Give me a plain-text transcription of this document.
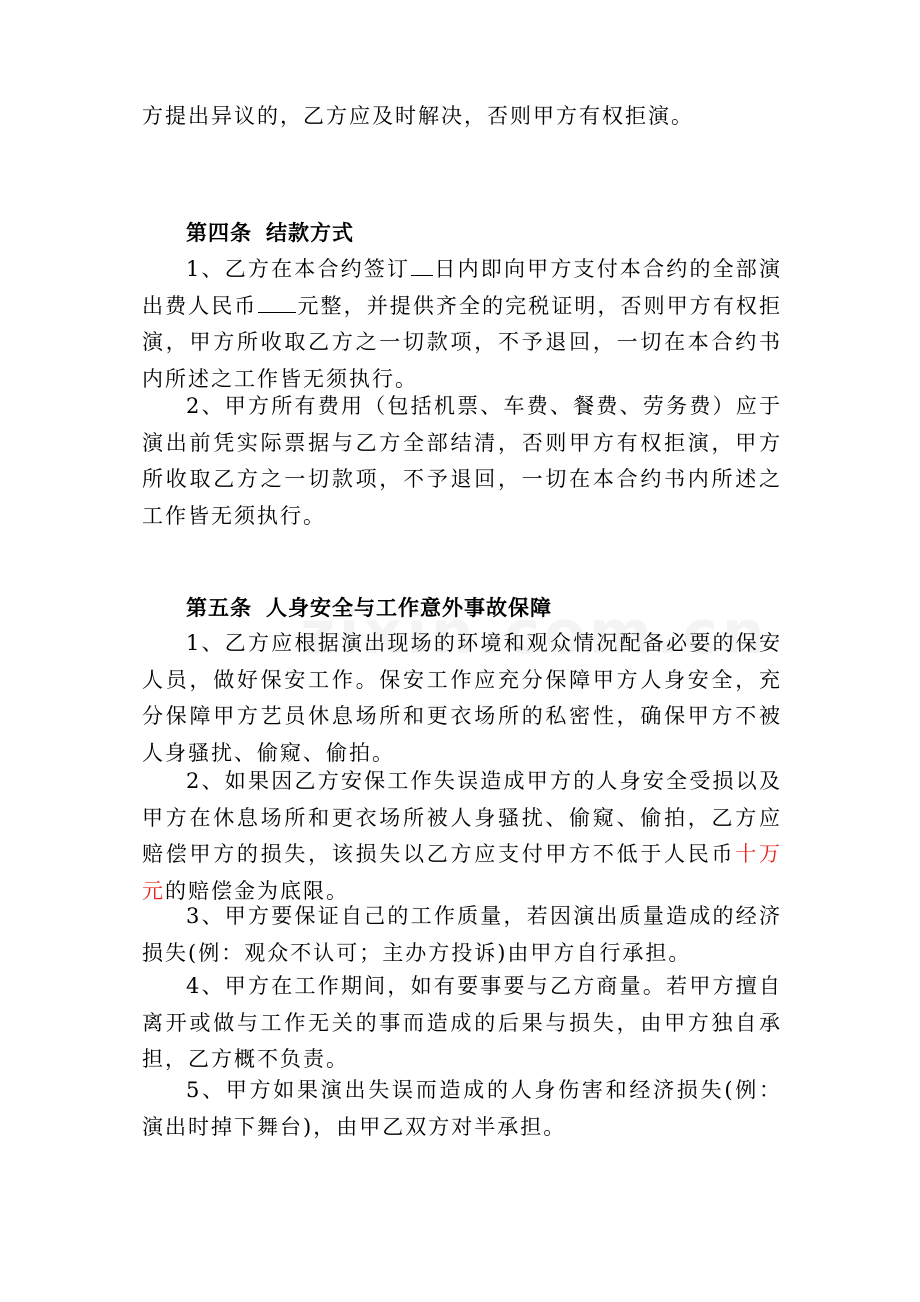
方提出异议的，乙方应及时解决，否则甲方有权拒演。

第四条 结款方式

1、乙方在本合约签订 日内即向甲方支付本合约的全部演出费人民币 元整，并提供齐全的完税证明，否则甲方有权拒演，甲方所收取乙方之一切款项，不予退回，一切在本合约书内所述之工作皆无须执行。

2、甲方所有费用（包括机票、车费、餐费、劳务费）应于演出前凭实际票据与乙方全部结清，否则甲方有权拒演，甲方所收取乙方之一切款项，不予退回，一切在本合约书内所述之工作皆无须执行。

第五条 人身安全与工作意外事故保障

1、乙方应根据演出现场的环境和观众情况配备必要的保安人员，做好保安工作。保安工作应充分保障甲方人身安全，充分保障甲方艺员休息场所和更衣场所的私密性，确保甲方不被人身骚扰、偷窥、偷拍。

2、如果因乙方安保工作失误造成甲方的人身安全受损以及甲方在休息场所和更衣场所被人身骚扰、偷窥、偷拍，乙方应赔偿甲方的损失，该损失以乙方应支付甲方不低于人民币十万元的赔偿金为底限。

3、甲方要保证自己的工作质量，若因演出质量造成的经济损失(例：观众不认可；主办方投诉)由甲方自行承担。

4、甲方在工作期间，如有要事要与乙方商量。若甲方擅自离开或做与工作无关的事而造成的后果与损失，由甲方独自承担，乙方概不负责。

5、甲方如果演出失误而造成的人身伤害和经济损失(例：演出时掉下舞台)，由甲乙双方对半承担。
